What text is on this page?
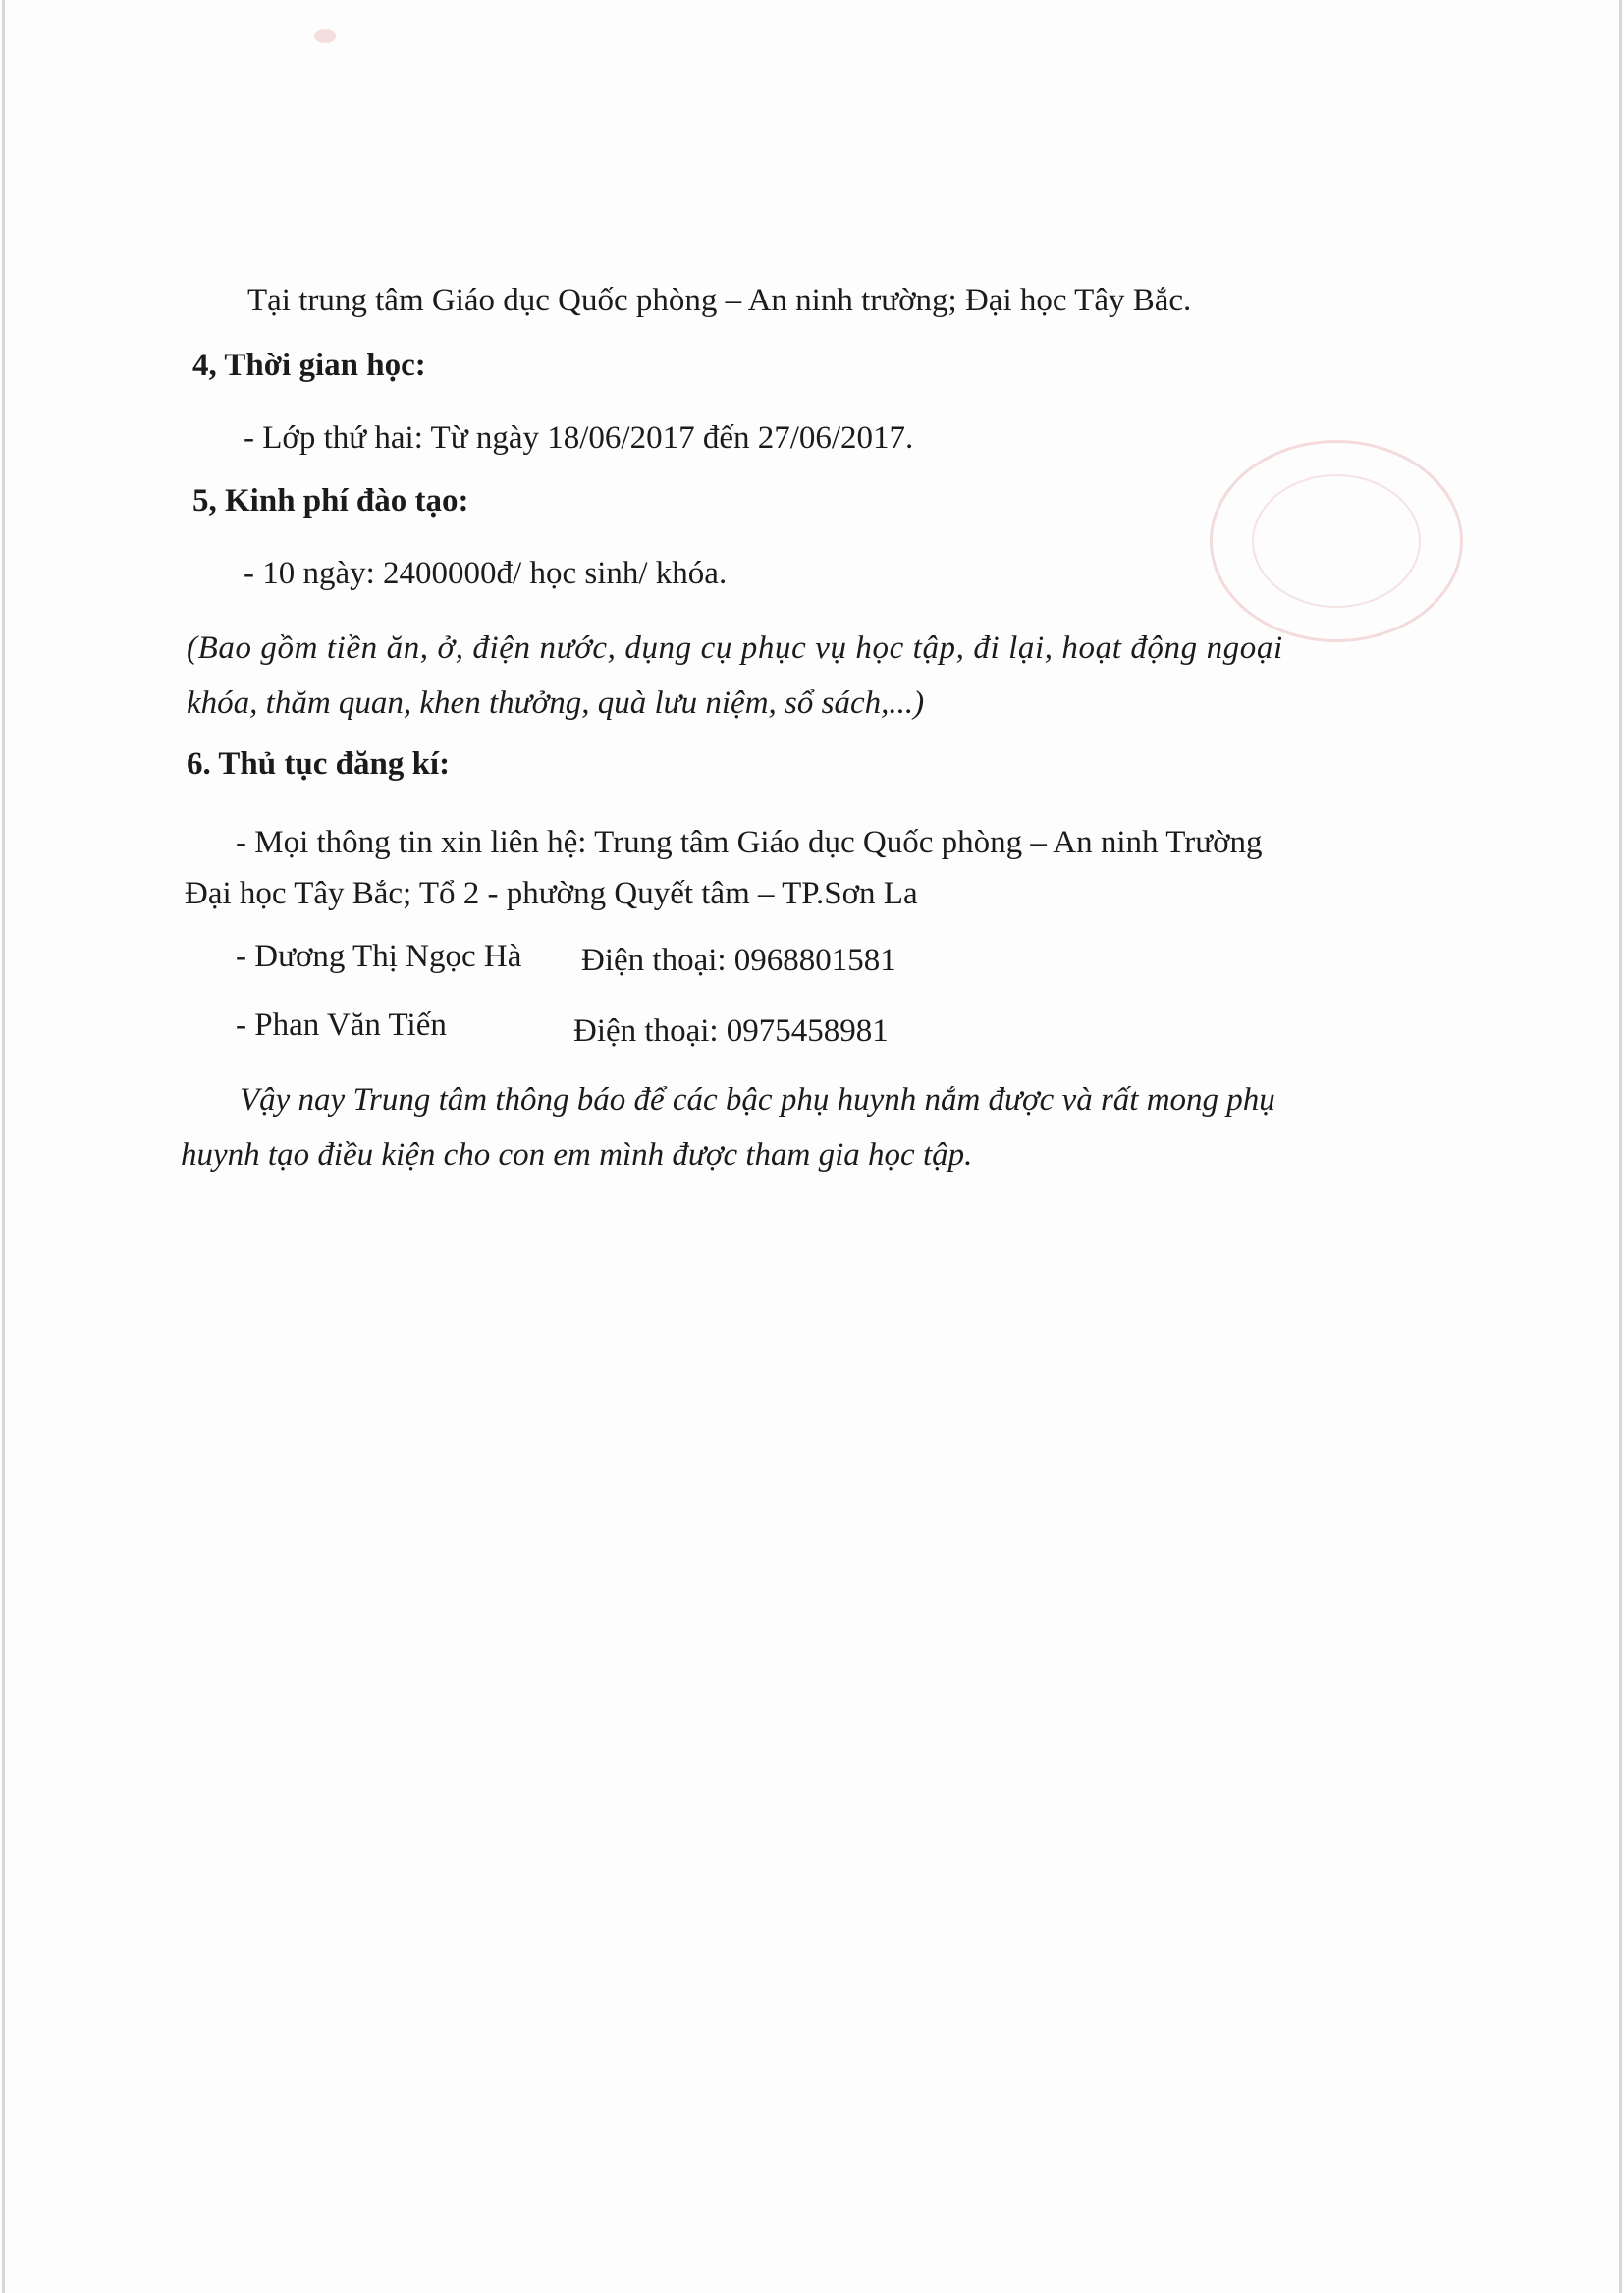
Tại trung tâm Giáo dục Quốc phòng – An ninh trường; Đại học Tây Bắc.
4, Thời gian học:
- Lớp thứ hai: Từ ngày 18/06/2017 đến 27/06/2017.
5, Kinh phí đào tạo:
- 10 ngày: 2400000đ/ học sinh/ khóa.
(Bao gồm tiền ăn, ở, điện nước, dụng cụ phục vụ học tập, đi lại, hoạt động ngoại
khóa, thăm quan, khen thưởng, quà lưu niệm, sổ sách,...)
6. Thủ tục đăng kí:
- Mọi thông tin xin liên hệ: Trung tâm Giáo dục Quốc phòng – An ninh Trường
Đại học Tây Bắc; Tổ 2 - phường Quyết tâm – TP.Sơn La
- Dương Thị Ngọc Hà Điện thoại: 0968801581
- Phan Văn Tiến	Điện thoại: 0975458981
Vậy nay Trung tâm thông báo để các bậc phụ huynh nắm được và rất mong phụ
huynh tạo điều kiện cho con em mình được tham gia học tập.
